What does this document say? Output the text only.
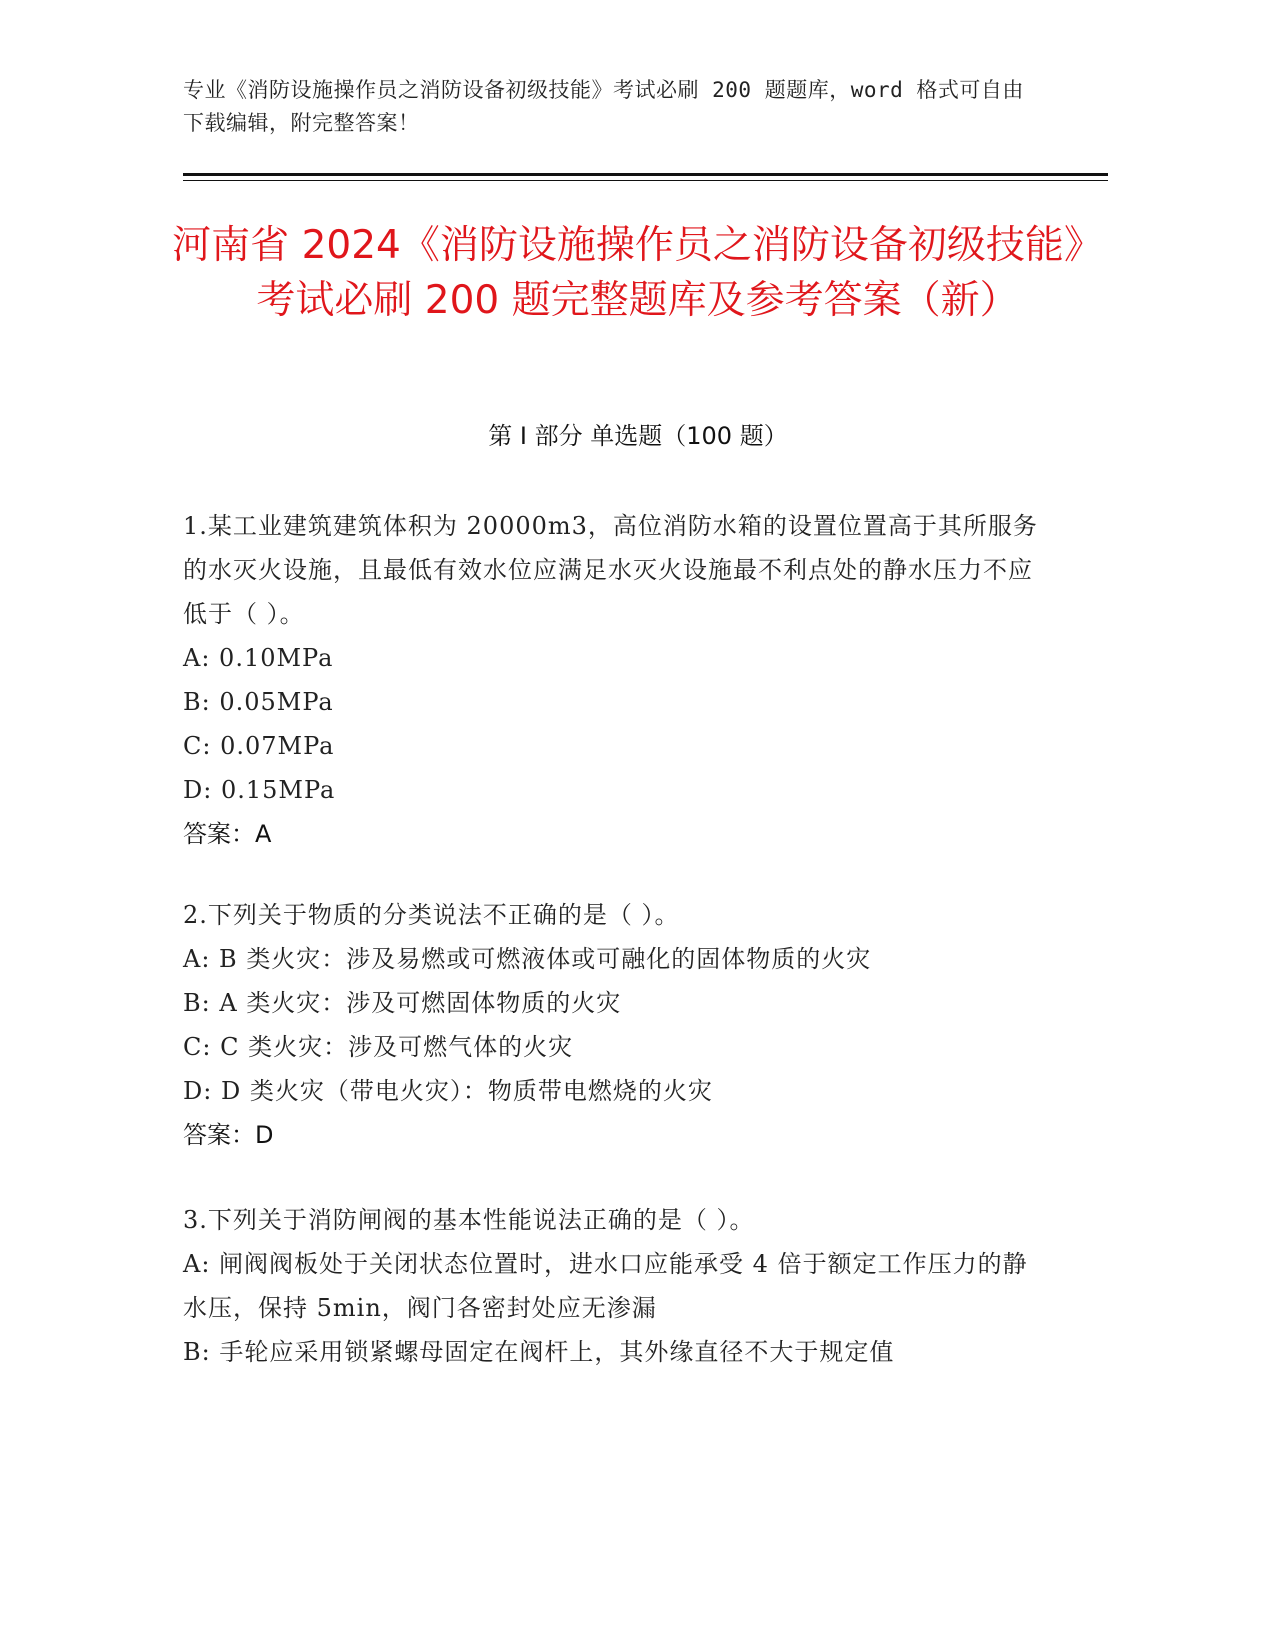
专业《消防设施操作员之消防设备初级技能》考试必刷 200 题题库，word 格式可自由下载编辑，附完整答案！
河南省 2024《消防设施操作员之消防设备初级技能》考试必刷 200 题完整题库及参考答案（新）
第 I 部分 单选题（100 题）
1.某工业建筑建筑体积为 20000m3，高位消防水箱的设置位置高于其所服务的水灭火设施，且最低有效水位应满足水灭火设施最不利点处的静水压力不应低于（ ）。
A: 0.10MPa
B: 0.05MPa
C: 0.07MPa
D: 0.15MPa
答案：A
2.下列关于物质的分类说法不正确的是（ ）。
A: B 类火灾：涉及易燃或可燃液体或可融化的固体物质的火灾
B: A 类火灾：涉及可燃固体物质的火灾
C: C 类火灾：涉及可燃气体的火灾
D: D 类火灾（带电火灾）：物质带电燃烧的火灾
答案：D
3.下列关于消防闸阀的基本性能说法正确的是（ ）。
A: 闸阀阀板处于关闭状态位置时，进水口应能承受 4 倍于额定工作压力的静水压，保持 5min，阀门各密封处应无渗漏
B: 手轮应采用锁紧螺母固定在阀杆上，其外缘直径不大于规定值
